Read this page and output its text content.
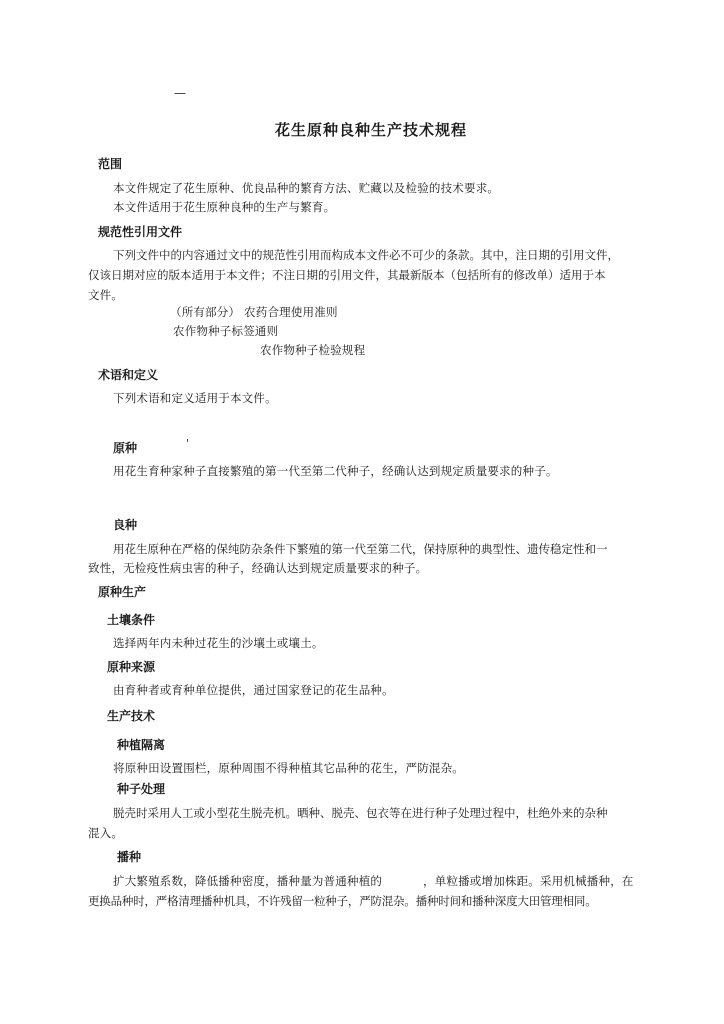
—
花生原种良种生产技术规程
范围
本文件规定了花生原种、优良品种的繁育方法、贮藏以及检验的技术要求。
本文件适用于花生原种良种的生产与繁育。
规范性引用文件
下列文件中的内容通过文中的规范性引用而构成本文件必不可少的条款。其中，注日期的引用文件，
仅该日期对应的版本适用于本文件；不注日期的引用文件，其最新版本（包括所有的修改单）适用于本
文件。
（所有部分） 农药合理使用准则
农作物种子标签通则
农作物种子检验规程
术语和定义
下列术语和定义适用于本文件。
原种	'
用花生育种家种子直接繁殖的第一代至第二代种子，经确认达到规定质量要求的种子。
良种
用花生原种在严格的保纯防杂条件下繁殖的第一代至第二代，保持原种的典型性、遗传稳定性和一
致性，无检疫性病虫害的种子，经确认达到规定质量要求的种子。
原种生产
土壤条件
选择两年内未种过花生的沙壤土或壤土。
原种来源
由育种者或育种单位提供，通过国家登记的花生品种。
生产技术
种植隔离
将原种田设置围栏，原种周围不得种植其它品种的花生，严防混杂。
种子处理
脱壳时采用人工或小型花生脱壳机。晒种、脱壳、包衣等在进行种子处理过程中，杜绝外来的杂种
混入。
播种
扩大繁殖系数，降低播种密度，播种量为普通种植的	，单粒播或增加株距。采用机械播种，在
更换品种时，严格清理播种机具，不许残留一粒种子，严防混杂。播种时间和播种深度大田管理相同。
